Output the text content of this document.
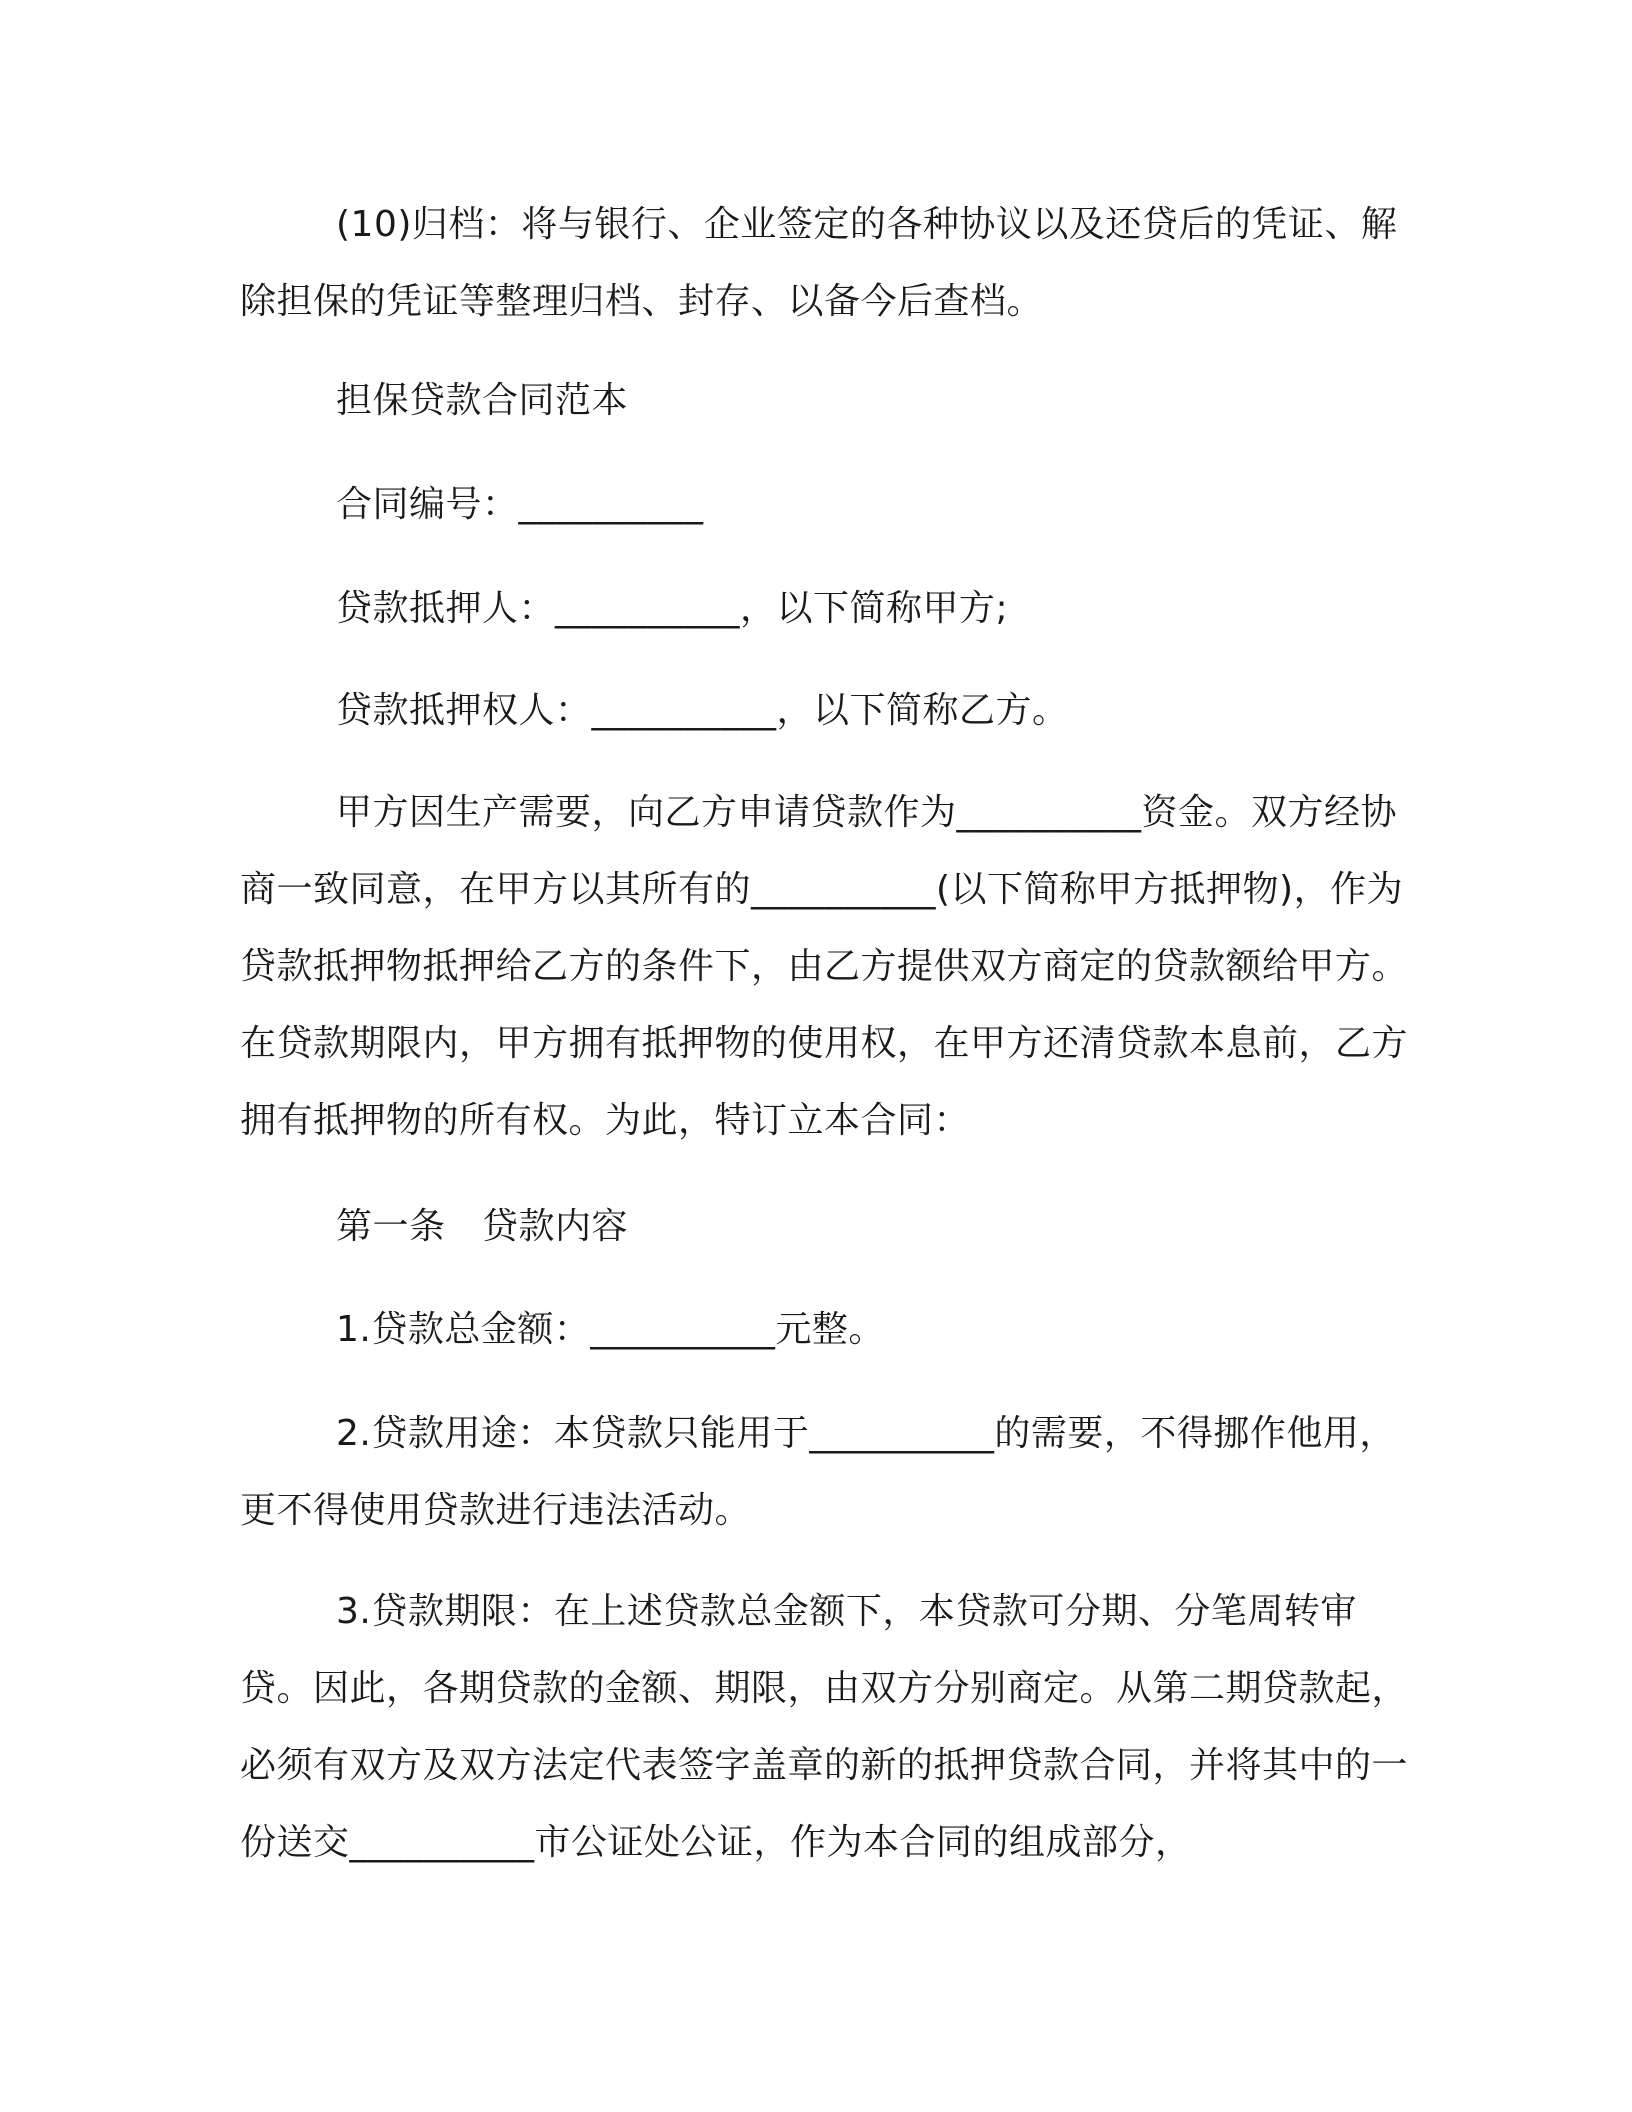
(10)归档：将与银行、企业签定的各种协议以及还贷后的凭证、解除担保的凭证等整理归档、封存、以备今后查档。
担保贷款合同范本
合同编号：__________
贷款抵押人：__________，以下简称甲方;
贷款抵押权人：__________，以下简称乙方。
甲方因生产需要，向乙方申请贷款作为__________资金。双方经协商一致同意，在甲方以其所有的__________(以下简称甲方抵押物)，作为贷款抵押物抵押给乙方的条件下，由乙方提供双方商定的贷款额给甲方。在贷款期限内，甲方拥有抵押物的使用权，在甲方还清贷款本息前，乙方拥有抵押物的所有权。为此，特订立本合同：
第一条　贷款内容
1.贷款总金额：__________元整。
2.贷款用途：本贷款只能用于__________的需要，不得挪作他用，更不得使用贷款进行违法活动。
3.贷款期限：在上述贷款总金额下，本贷款可分期、分笔周转审贷。因此，各期贷款的金额、期限，由双方分别商定。从第二期贷款起，必须有双方及双方法定代表签字盖章的新的抵押贷款合同，并将其中的一份送交__________市公证处公证，作为本合同的组成部分，
